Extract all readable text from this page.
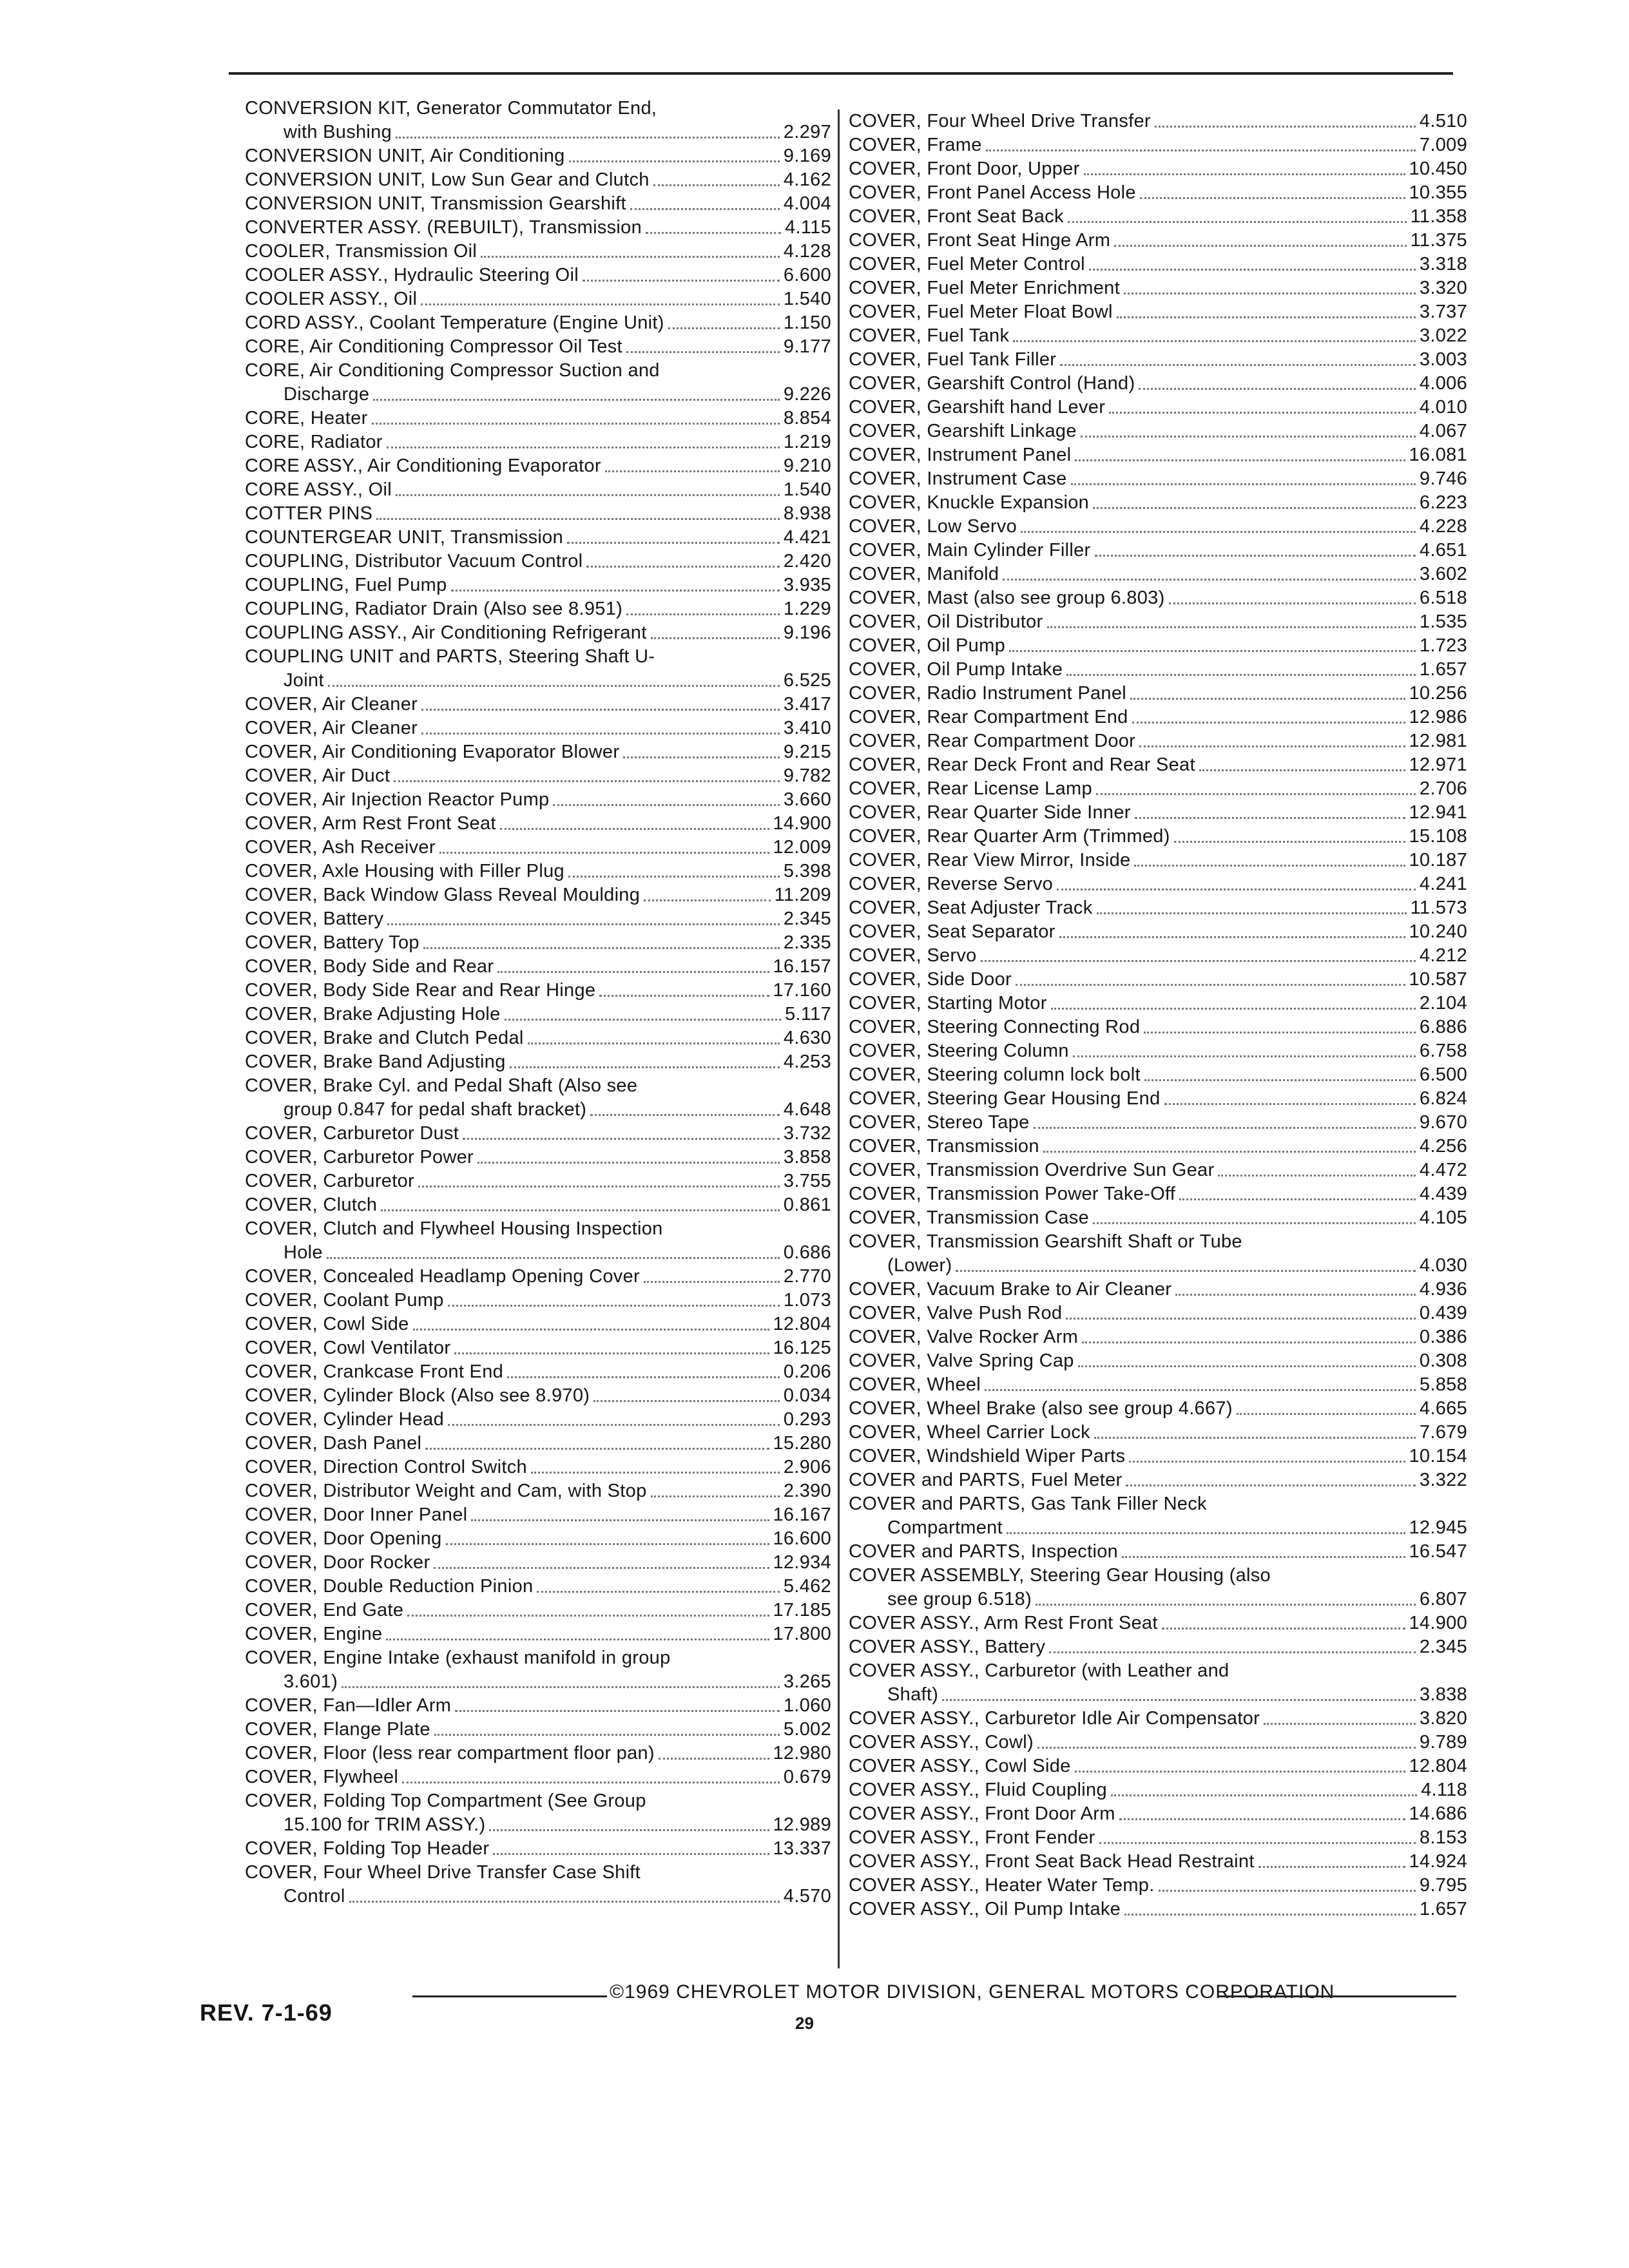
CONVERSION KIT, Generator Commutator End,
with Bushing	2.297
CONVERSION UNIT, Air Conditioning	9.169
CONVERSION UNIT, Low Sun Gear and Clutch	4.162
CONVERSION UNIT, Transmission Gearshift	4.004
CONVERTER ASSY. (REBUILT), Transmission	4.115
COOLER, Transmission Oil	4.128
COOLER ASSY., Hydraulic Steering Oil	6.600
COOLER ASSY., Oil	1.540
CORD ASSY., Coolant Temperature (Engine Unit)	1.150
CORE, Air Conditioning Compressor Oil Test	9.177
CORE, Air Conditioning Compressor Suction and
Discharge	9.226
CORE, Heater	8.854
CORE, Radiator	1.219
CORE ASSY., Air Conditioning Evaporator	9.210
CORE ASSY., Oil	1.540
COTTER PINS	8.938
COUNTERGEAR UNIT, Transmission	4.421
COUPLING, Distributor Vacuum Control	2.420
COUPLING, Fuel Pump	3.935
COUPLING, Radiator Drain (Also see 8.951)	1.229
COUPLING ASSY., Air Conditioning Refrigerant	9.196
COUPLING UNIT and PARTS, Steering Shaft U-
Joint	6.525
COVER, Air Cleaner	3.417
COVER, Air Cleaner	3.410
COVER, Air Conditioning Evaporator Blower	9.215
COVER, Air Duct	9.782
COVER, Air Injection Reactor Pump	3.660
COVER, Arm Rest Front Seat	14.900
COVER, Ash Receiver	12.009
COVER, Axle Housing with Filler Plug	5.398
COVER, Back Window Glass Reveal Moulding	11.209
COVER, Battery	2.345
COVER, Battery Top	2.335
COVER, Body Side and Rear	16.157
COVER, Body Side Rear and Rear Hinge	17.160
COVER, Brake Adjusting Hole	5.117
COVER, Brake and Clutch Pedal	4.630
COVER, Brake Band Adjusting	4.253
COVER, Brake Cyl. and Pedal Shaft (Also see
group 0.847 for pedal shaft bracket)	4.648
COVER, Carburetor Dust	3.732
COVER, Carburetor Power	3.858
COVER, Carburetor	3.755
COVER, Clutch	0.861
COVER, Clutch and Flywheel Housing Inspection
Hole	0.686
COVER, Concealed Headlamp Opening Cover	2.770
COVER, Coolant Pump	1.073
COVER, Cowl Side	12.804
COVER, Cowl Ventilator	16.125
COVER, Crankcase Front End	0.206
COVER, Cylinder Block (Also see 8.970)	0.034
COVER, Cylinder Head	0.293
COVER, Dash Panel	15.280
COVER, Direction Control Switch	2.906
COVER, Distributor Weight and Cam, with Stop	2.390
COVER, Door Inner Panel	16.167
COVER, Door Opening	16.600
COVER, Door Rocker	12.934
COVER, Double Reduction Pinion	5.462
COVER, End Gate	17.185
COVER, Engine	17.800
COVER, Engine Intake (exhaust manifold in group
3.601)	3.265
COVER, Fan—Idler Arm	1.060
COVER, Flange Plate	5.002
COVER, Floor (less rear compartment floor pan)	12.980
COVER, Flywheel	0.679
COVER, Folding Top Compartment (See Group
15.100 for TRIM ASSY.)	12.989
COVER, Folding Top Header	13.337
COVER, Four Wheel Drive Transfer Case Shift
Control	4.570
COVER, Four Wheel Drive Transfer	4.510
COVER, Frame	7.009
COVER, Front Door, Upper	10.450
COVER, Front Panel Access Hole	10.355
COVER, Front Seat Back	11.358
COVER, Front Seat Hinge Arm	11.375
COVER, Fuel Meter Control	3.318
COVER, Fuel Meter Enrichment	3.320
COVER, Fuel Meter Float Bowl	3.737
COVER, Fuel Tank	3.022
COVER, Fuel Tank Filler	3.003
COVER, Gearshift Control (Hand)	4.006
COVER, Gearshift hand Lever	4.010
COVER, Gearshift Linkage	4.067
COVER, Instrument Panel	16.081
COVER, Instrument Case	9.746
COVER, Knuckle Expansion	6.223
COVER, Low Servo	4.228
COVER, Main Cylinder Filler	4.651
COVER, Manifold	3.602
COVER, Mast (also see group 6.803)	6.518
COVER, Oil Distributor	1.535
COVER, Oil Pump	1.723
COVER, Oil Pump Intake	1.657
COVER, Radio Instrument Panel	10.256
COVER, Rear Compartment End	12.986
COVER, Rear Compartment Door	12.981
COVER, Rear Deck Front and Rear Seat	12.971
COVER, Rear License Lamp	2.706
COVER, Rear Quarter Side Inner	12.941
COVER, Rear Quarter Arm (Trimmed)	15.108
COVER, Rear View Mirror, Inside	10.187
COVER, Reverse Servo	4.241
COVER, Seat Adjuster Track	11.573
COVER, Seat Separator	10.240
COVER, Servo	4.212
COVER, Side Door	10.587
COVER, Starting Motor	2.104
COVER, Steering Connecting Rod	6.886
COVER, Steering Column	6.758
COVER, Steering column lock bolt	6.500
COVER, Steering Gear Housing End	6.824
COVER, Stereo Tape	9.670
COVER, Transmission	4.256
COVER, Transmission Overdrive Sun Gear	4.472
COVER, Transmission Power Take-Off	4.439
COVER, Transmission Case	4.105
COVER, Transmission Gearshift Shaft or Tube
(Lower)	4.030
COVER, Vacuum Brake to Air Cleaner	4.936
COVER, Valve Push Rod	0.439
COVER, Valve Rocker Arm	0.386
COVER, Valve Spring Cap	0.308
COVER, Wheel	5.858
COVER, Wheel Brake (also see group 4.667)	4.665
COVER, Wheel Carrier Lock	7.679
COVER, Windshield Wiper Parts	10.154
COVER and PARTS, Fuel Meter	3.322
COVER and PARTS, Gas Tank Filler Neck
Compartment	12.945
COVER and PARTS, Inspection	16.547
COVER ASSEMBLY, Steering Gear Housing (also
see group 6.518)	6.807
COVER ASSY., Arm Rest Front Seat	14.900
COVER ASSY., Battery	2.345
COVER ASSY., Carburetor (with Leather and
Shaft)	3.838
COVER ASSY., Carburetor Idle Air Compensator	3.820
COVER ASSY., Cowl)	9.789
COVER ASSY., Cowl Side	12.804
COVER ASSY., Fluid Coupling	4.118
COVER ASSY., Front Door Arm	14.686
COVER ASSY., Front Fender	8.153
COVER ASSY., Front Seat Back Head Restraint	14.924
COVER ASSY., Heater Water Temp.	9.795
COVER ASSY., Oil Pump Intake	1.657
REV. 7-1-69
©1969 CHEVROLET MOTOR DIVISION, GENERAL MOTORS CORPORATION
29
